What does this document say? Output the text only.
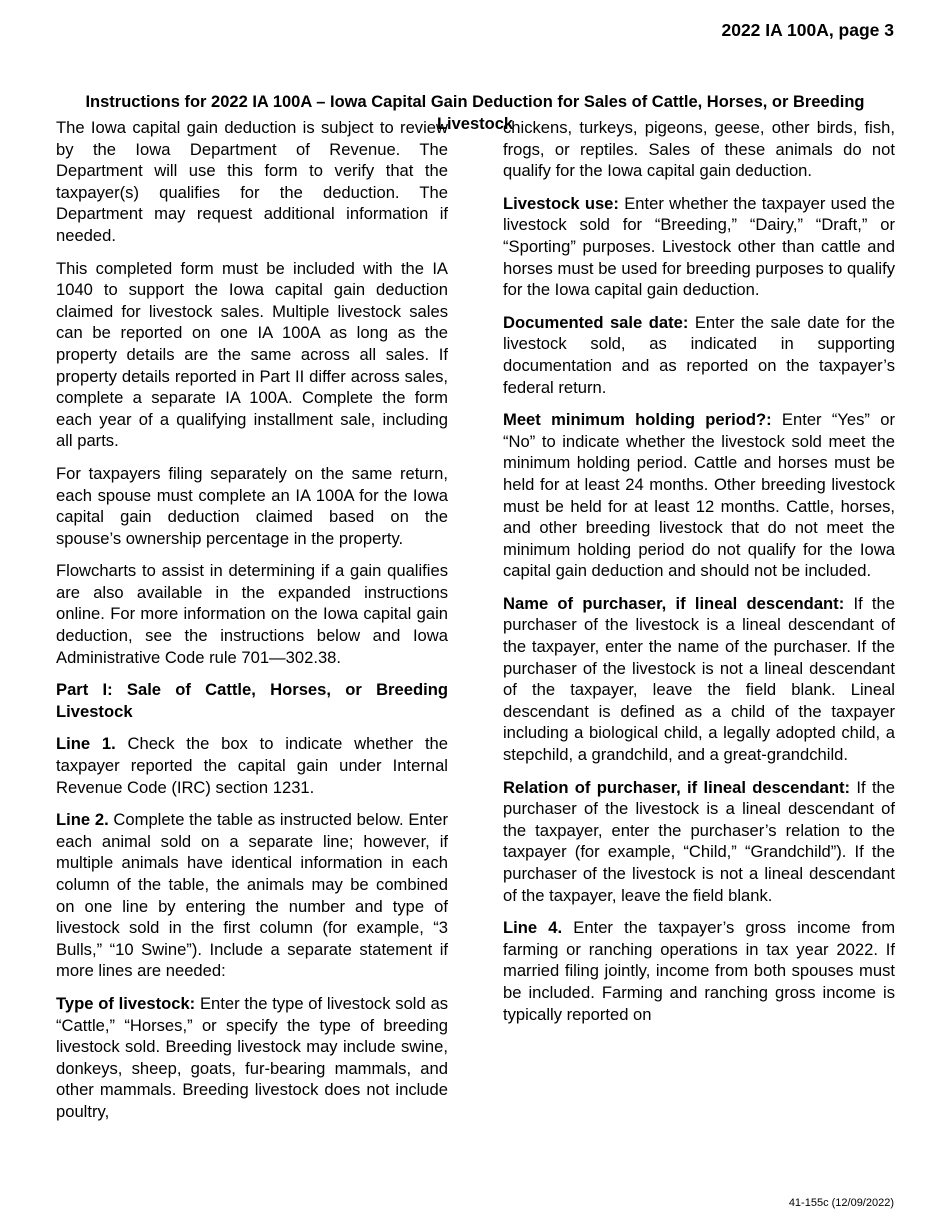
2022 IA 100A, page 3
Instructions for 2022 IA 100A – Iowa Capital Gain Deduction for Sales of Cattle, Horses, or Breeding Livestock

The Iowa capital gain deduction is subject to review by the Iowa Department of Revenue. The Department will use this form to verify that the taxpayer(s) qualifies for the deduction. The Department may request additional information if needed.

This completed form must be included with the IA 1040 to support the Iowa capital gain deduction claimed for livestock sales. Multiple livestock sales can be reported on one IA 100A as long as the property details are the same across all sales. If property details reported in Part II differ across sales, complete a separate IA 100A. Complete the form each year of a qualifying installment sale, including all parts.

For taxpayers filing separately on the same return, each spouse must complete an IA 100A for the Iowa capital gain deduction claimed based on the spouse’s ownership percentage in the property.

Flowcharts to assist in determining if a gain qualifies are also available in the expanded instructions online. For more information on the Iowa capital gain deduction, see the instructions below and Iowa Administrative Code rule 701—302.38.

Part I: Sale of Cattle, Horses, or Breeding Livestock

Line 1. Check the box to indicate whether the taxpayer reported the capital gain under Internal Revenue Code (IRC) section 1231.

Line 2. Complete the table as instructed below. Enter each animal sold on a separate line; however, if multiple animals have identical information in each column of the table, the animals may be combined on one line by entering the number and type of livestock sold in the first column (for example, “3 Bulls,” “10 Swine”). Include a separate statement if more lines are needed:

Type of livestock: Enter the type of livestock sold as “Cattle,” “Horses,” or specify the type of breeding livestock sold. Breeding livestock may include swine, donkeys, sheep, goats, fur-bearing mammals, and other mammals. Breeding livestock does not include poultry,

chickens, turkeys, pigeons, geese, other birds, fish, frogs, or reptiles. Sales of these animals do not qualify for the Iowa capital gain deduction.

Livestock use: Enter whether the taxpayer used the livestock sold for “Breeding,” “Dairy,” “Draft,” or “Sporting” purposes. Livestock other than cattle and horses must be used for breeding purposes to qualify for the Iowa capital gain deduction.

Documented sale date: Enter the sale date for the livestock sold, as indicated in supporting documentation and as reported on the taxpayer’s federal return.

Meet minimum holding period?: Enter “Yes” or “No” to indicate whether the livestock sold meet the minimum holding period. Cattle and horses must be held for at least 24 months. Other breeding livestock must be held for at least 12 months. Cattle, horses, and other breeding livestock that do not meet the minimum holding period do not qualify for the Iowa capital gain deduction and should not be included.

Name of purchaser, if lineal descendant: If the purchaser of the livestock is a lineal descendant of the taxpayer, enter the name of the purchaser. If the purchaser of the livestock is not a lineal descendant of the taxpayer, leave the field blank. Lineal descendant is defined as a child of the taxpayer including a biological child, a legally adopted child, a stepchild, a grandchild, and a great-grandchild.

Relation of purchaser, if lineal descendant: If the purchaser of the livestock is a lineal descendant of the taxpayer, enter the purchaser’s relation to the taxpayer (for example, “Child,” “Grandchild”). If the purchaser of the livestock is not a lineal descendant of the taxpayer, leave the field blank.

Line 4. Enter the taxpayer’s gross income from farming or ranching operations in tax year 2022. If married filing jointly, income from both spouses must be included. Farming and ranching gross income is typically reported on

41-155c (12/09/2022)
